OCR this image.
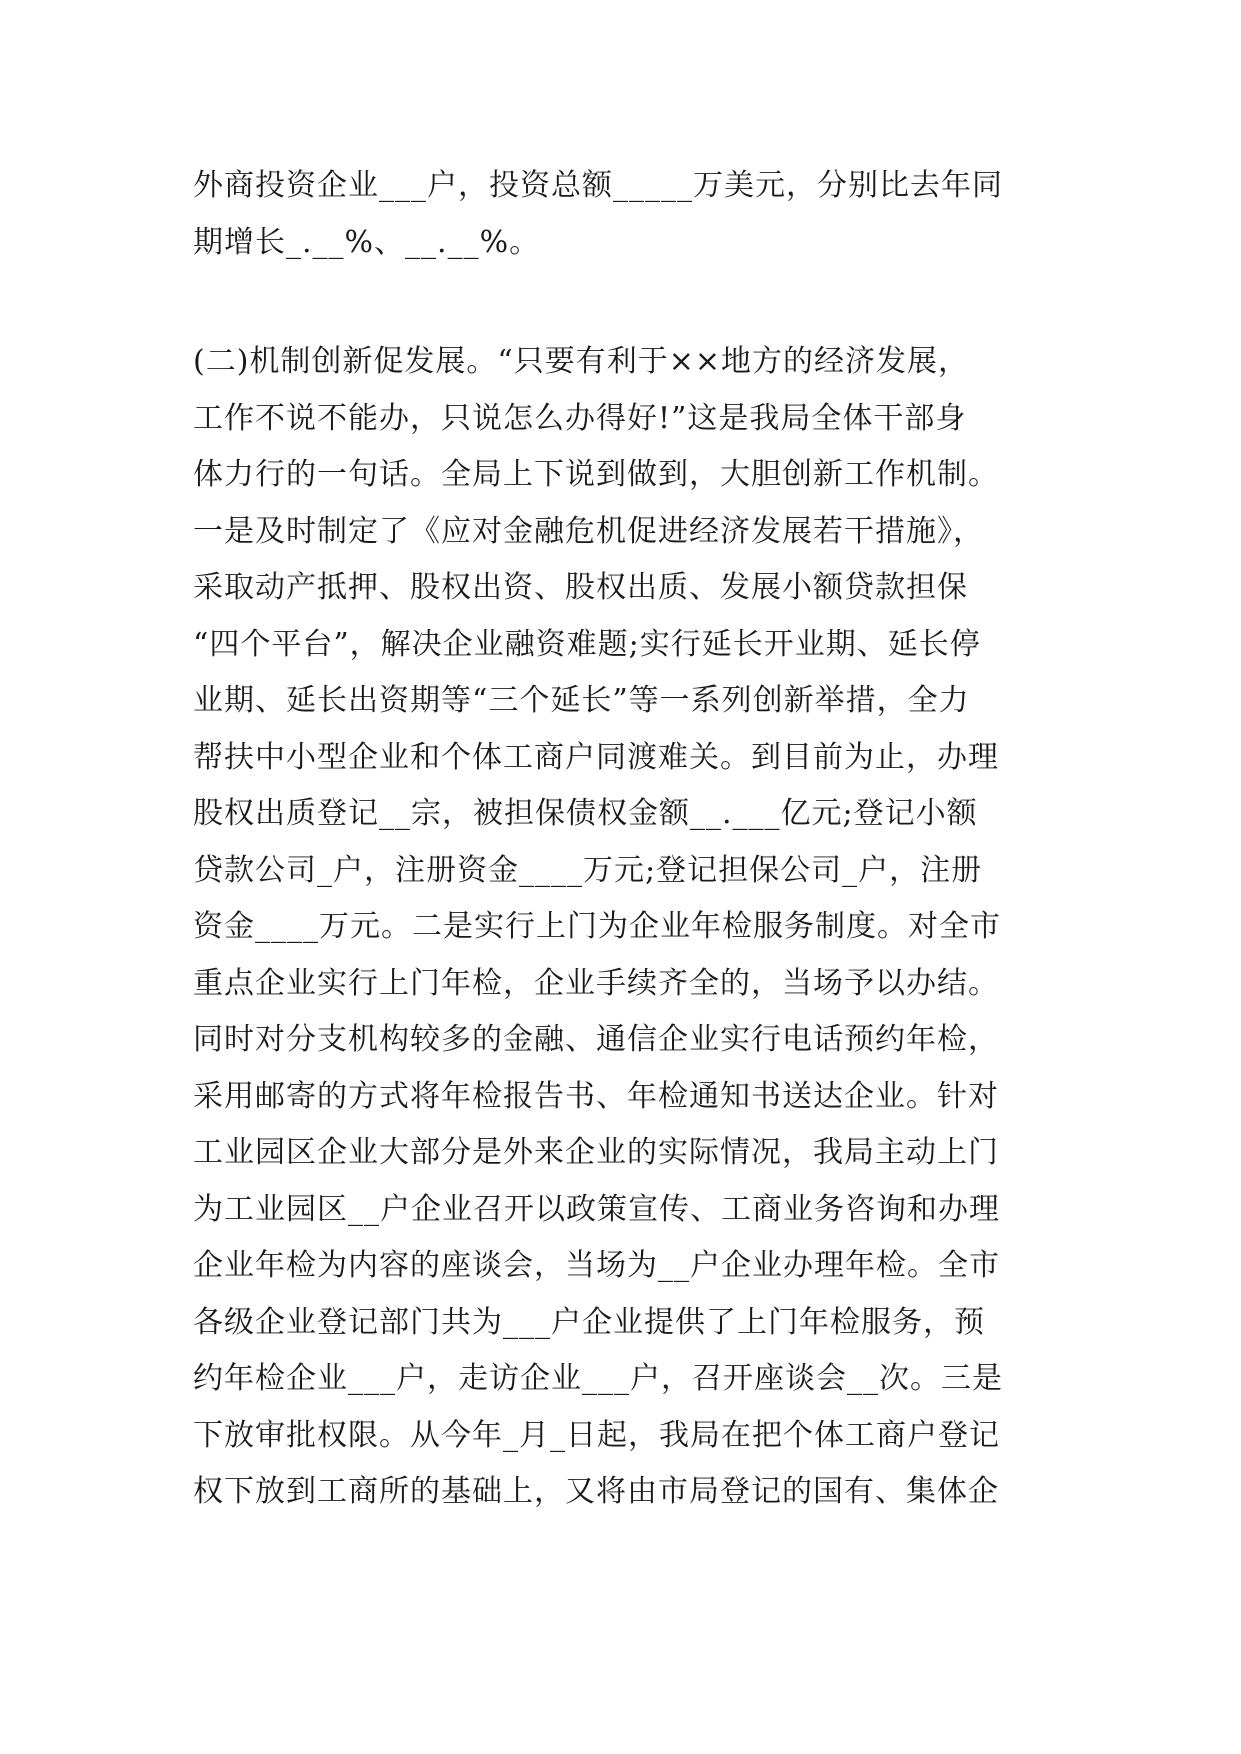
外商投资企业___户，投资总额_____万美元，分别比去年同
期增长_.__%、__.__%。
(二)机制创新促发展。“只要有利于××地方的经济发展，
工作不说不能办，只说怎么办得好!”这是我局全体干部身
体力行的一句话。全局上下说到做到，大胆创新工作机制。
一是及时制定了《应对金融危机促进经济发展若干措施》，
采取动产抵押、股权出资、股权出质、发展小额贷款担保
“四个平台”，解决企业融资难题;实行延长开业期、延长停
业期、延长出资期等“三个延长”等一系列创新举措，全力
帮扶中小型企业和个体工商户同渡难关。到目前为止，办理
股权出质登记__宗，被担保债权金额__.___亿元;登记小额
贷款公司_户，注册资金____万元;登记担保公司_户，注册
资金____万元。二是实行上门为企业年检服务制度。对全市
重点企业实行上门年检，企业手续齐全的，当场予以办结。
同时对分支机构较多的金融、通信企业实行电话预约年检，
采用邮寄的方式将年检报告书、年检通知书送达企业。针对
工业园区企业大部分是外来企业的实际情况，我局主动上门
为工业园区__户企业召开以政策宣传、工商业务咨询和办理
企业年检为内容的座谈会，当场为__户企业办理年检。全市
各级企业登记部门共为___户企业提供了上门年检服务，预
约年检企业___户，走访企业___户，召开座谈会__次。三是
下放审批权限。从今年_月_日起，我局在把个体工商户登记
权下放到工商所的基础上，又将由市局登记的国有、集体企
